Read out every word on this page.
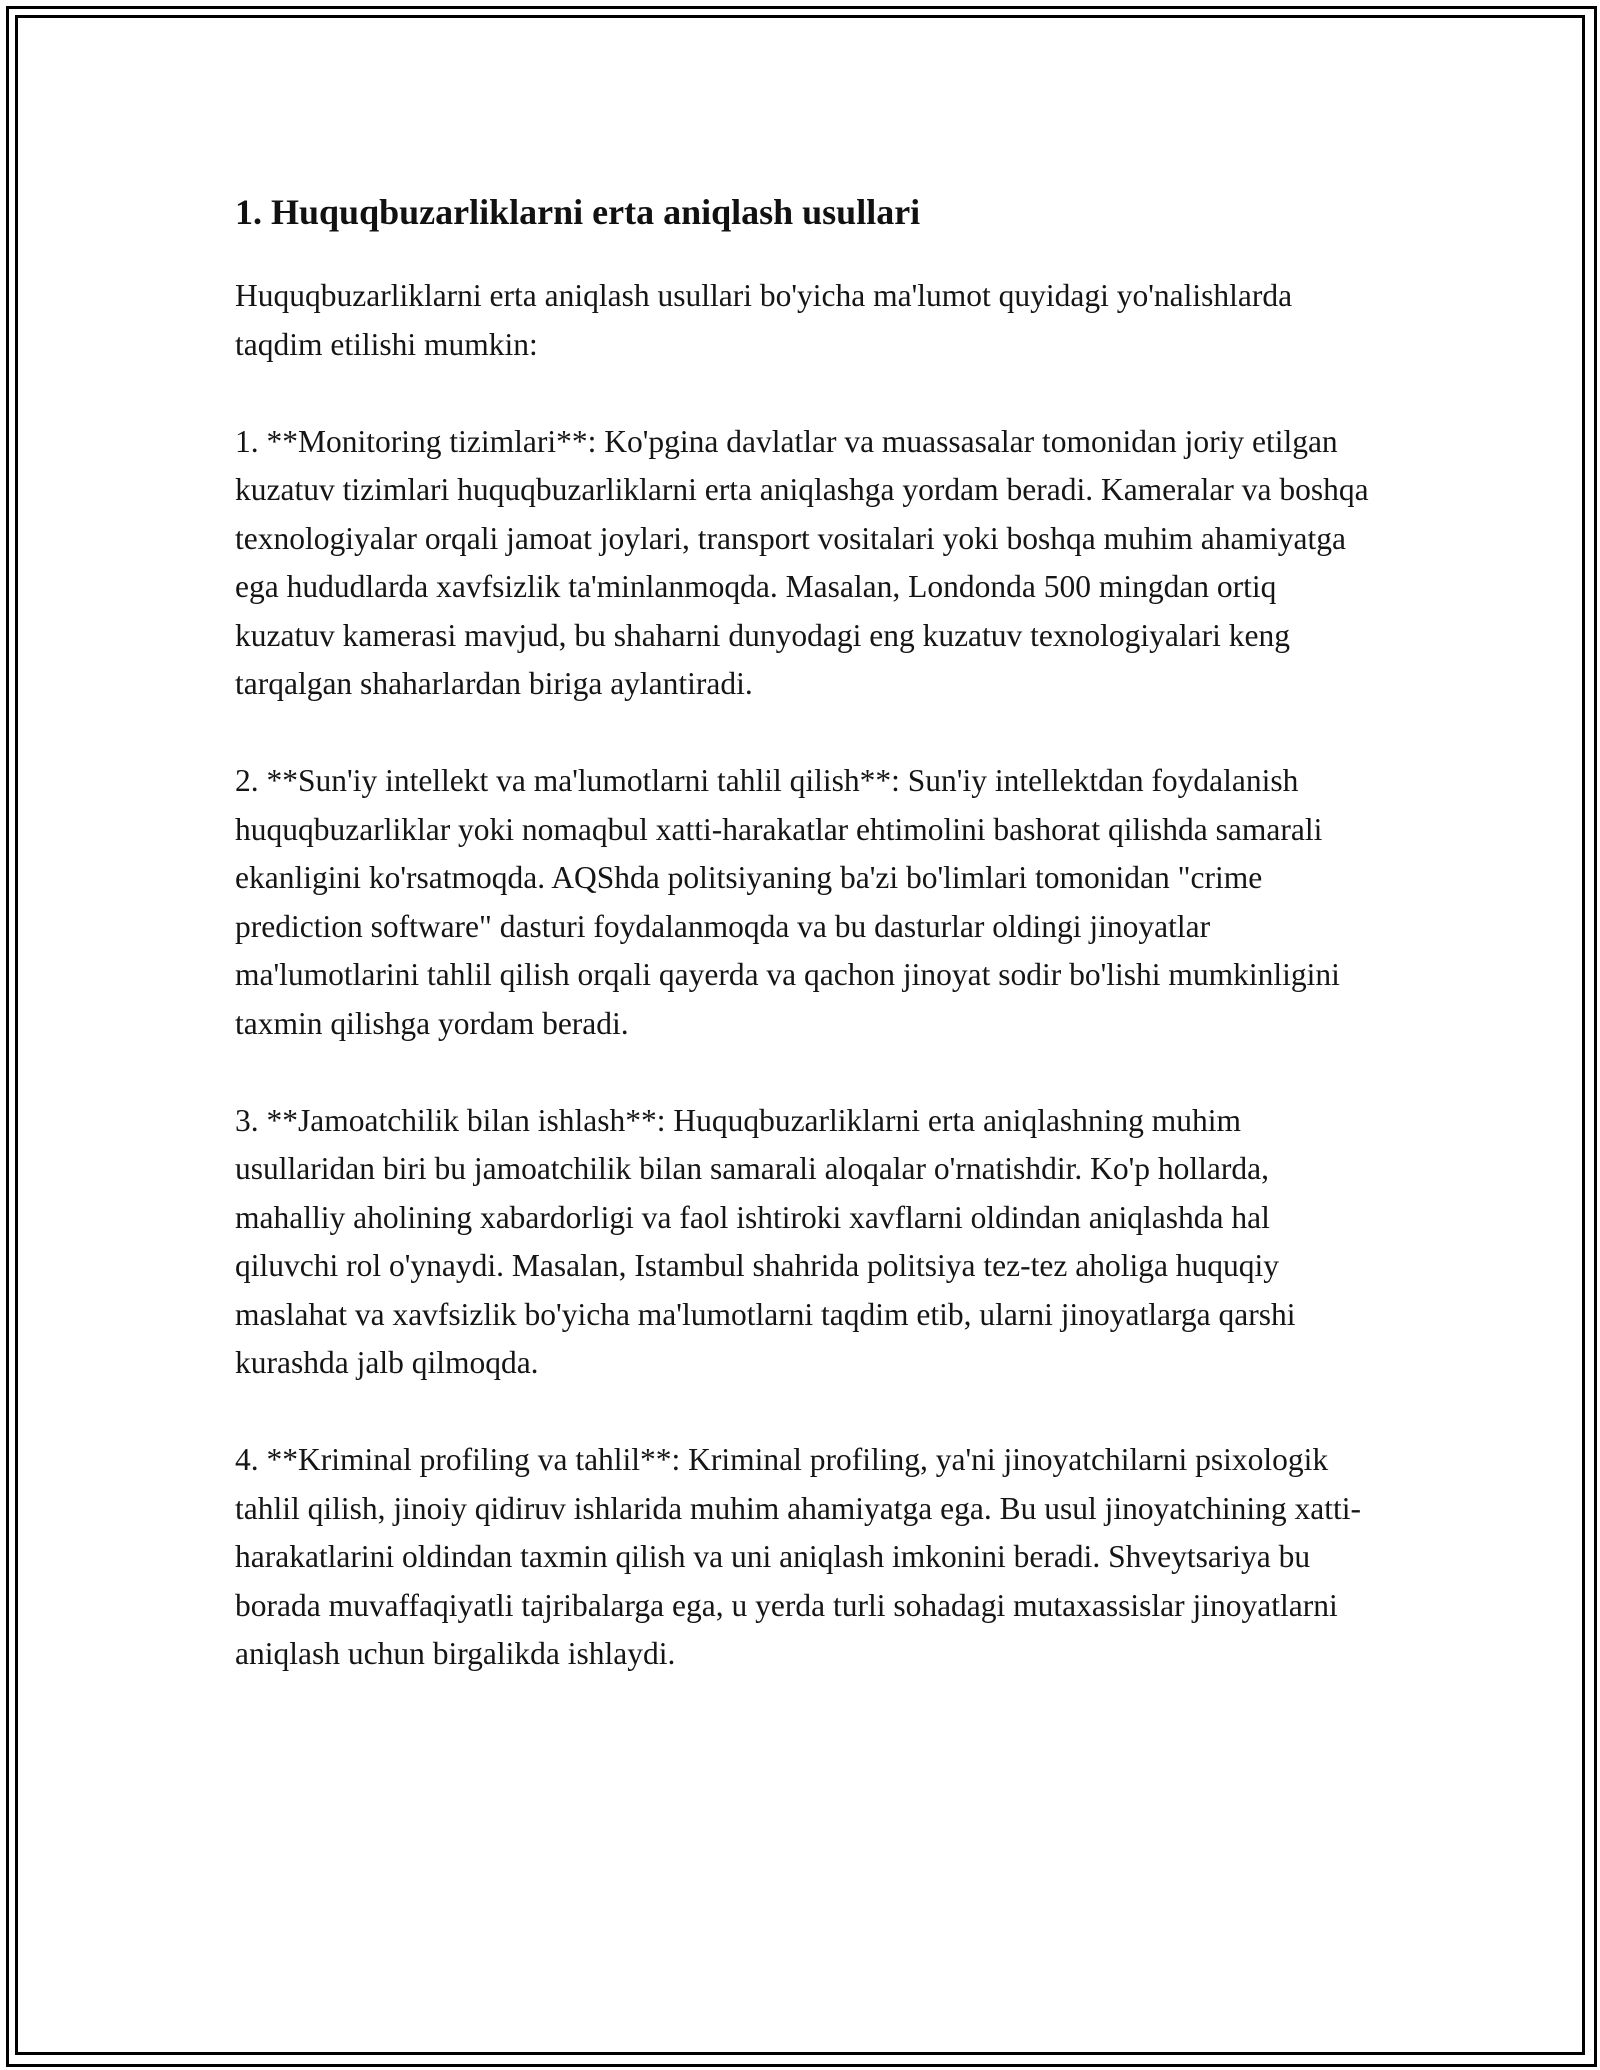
1. Huquqbuzarliklarni erta aniqlash usullari

Huquqbuzarliklarni erta aniqlash usullari bo'yicha ma'lumot quyidagi yo'nalishlarda taqdim etilishi mumkin:

1. **Monitoring tizimlari**: Ko'pgina davlatlar va muassasalar tomonidan joriy etilgan kuzatuv tizimlari huquqbuzarliklarni erta aniqlashga yordam beradi. Kameralar va boshqa texnologiyalar orqali jamoat joylari, transport vositalari yoki boshqa muhim ahamiyatga ega hududlarda xavfsizlik ta'minlanmoqda. Masalan, Londonda 500 mingdan ortiq kuzatuv kamerasi mavjud, bu shaharni dunyodagi eng kuzatuv texnologiyalari keng tarqalgan shaharlardan biriga aylantiradi.

2. **Sun'iy intellekt va ma'lumotlarni tahlil qilish**: Sun'iy intellektdan foydalanish huquqbuzarliklar yoki nomaqbul xatti-harakatlar ehtimolini bashorat qilishda samarali ekanligini ko'rsatmoqda. AQShda politsiyaning ba'zi bo'limlari tomonidan "crime prediction software" dasturi foydalanmoqda va bu dasturlar oldingi jinoyatlar ma'lumotlarini tahlil qilish orqali qayerda va qachon jinoyat sodir bo'lishi mumkinligini taxmin qilishga yordam beradi.

3. **Jamoatchilik bilan ishlash**: Huquqbuzarliklarni erta aniqlashning muhim usullaridan biri bu jamoatchilik bilan samarali aloqalar o'rnatishdir. Ko'p hollarda, mahalliy aholining xabardorligi va faol ishtiroki xavflarni oldindan aniqlashda hal qiluvchi rol o'ynaydi. Masalan, Istambul shahrida politsiya tez-tez aholiga huquqiy maslahat va xavfsizlik bo'yicha ma'lumotlarni taqdim etib, ularni jinoyatlarga qarshi kurashda jalb qilmoqda.

4. **Kriminal profiling va tahlil**: Kriminal profiling, ya'ni jinoyatchilarni psixologik tahlil qilish, jinoiy qidiruv ishlarida muhim ahamiyatga ega. Bu usul jinoyatchining xatti-harakatlarini oldindan taxmin qilish va uni aniqlash imkonini beradi. Shveytsariya bu borada muvaffaqiyatli tajribalarga ega, u yerda turli sohadagi mutaxassislar jinoyatlarni aniqlash uchun birgalikda ishlaydi.
